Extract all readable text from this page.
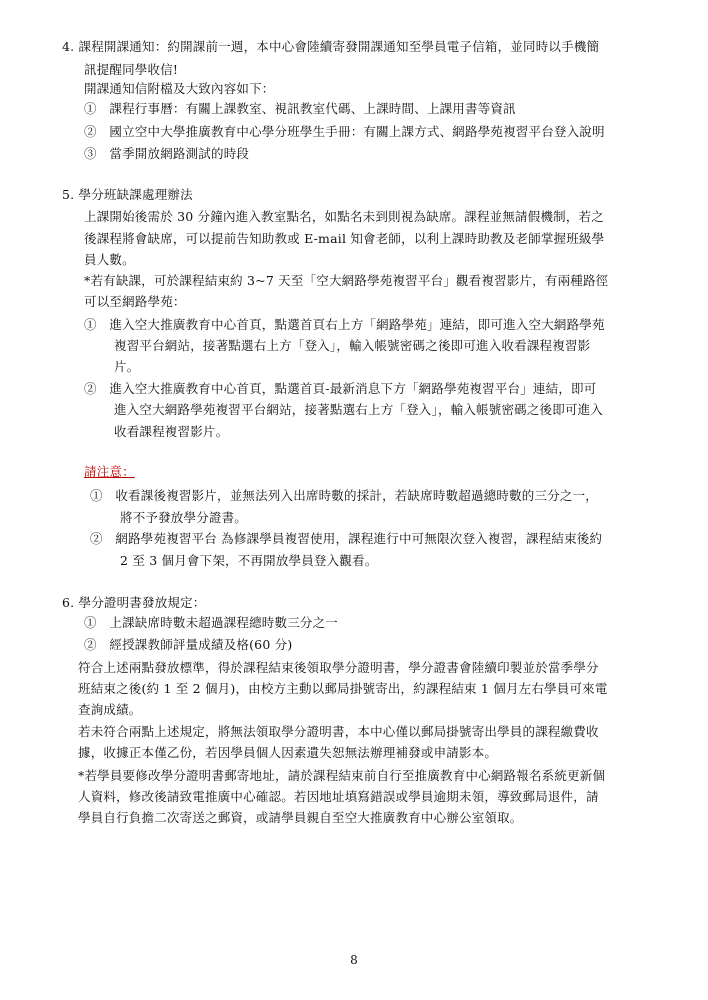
4. 課程開課通知：約開課前一週，本中心會陸續寄發開課通知至學員電子信箱，並同時以手機簡
訊提醒同學收信!
開課通知信附檔及大致內容如下：
①　課程行事曆：有關上課教室、視訊教室代碼、上課時間、上課用書等資訊
②　國立空中大學推廣教育中心學分班學生手冊：有關上課方式、網路學苑複習平台登入說明
③　當季開放網路測試的時段
5. 學分班缺課處理辦法
上課開始後需於 30 分鐘內進入教室點名，如點名未到則視為缺席。課程並無請假機制，若之
後課程將會缺席，可以提前告知助教或 E-mail 知會老師，以利上課時助教及老師掌握班級學
員人數。
*若有缺課，可於課程結束約 3~7 天至「空大網路學苑複習平台」觀看複習影片，有兩種路徑
可以至網路學苑：
①　進入空大推廣教育中心首頁，點選首頁右上方「網路學苑」連結，即可進入空大網路學苑
複習平台網站，接著點選右上方「登入」，輸入帳號密碼之後即可進入收看課程複習影
片。
②　進入空大推廣教育中心首頁，點選首頁-最新消息下方「網路學苑複習平台」連結，即可
進入空大網路學苑複習平台網站，接著點選右上方「登入」，輸入帳號密碼之後即可進入
收看課程複習影片。
請注意：
①　收看課後複習影片，並無法列入出席時數的採計，若缺席時數超過總時數的三分之一，
將不予發放學分證書。
②　網路學苑複習平台 為修課學員複習使用，課程進行中可無限次登入複習，課程結束後約
2 至 3 個月會下架，不再開放學員登入觀看。
6. 學分證明書發放規定：
①　上課缺席時數未超過課程總時數三分之一
②　經授課教師評量成績及格(60 分)
符合上述兩點發放標準，得於課程結束後領取學分證明書，學分證書會陸續印製並於當季學分
班結束之後(約 1 至 2 個月)，由校方主動以郵局掛號寄出，約課程結束 1 個月左右學員可來電
查詢成績。
若未符合兩點上述規定，將無法領取學分證明書，本中心僅以郵局掛號寄出學員的課程繳費收
據，收據正本僅乙份，若因學員個人因素遺失恕無法辦理補發或申請影本。
*若學員要修改學分證明書郵寄地址，請於課程結束前自行至推廣教育中心網路報名系統更新個
人資料，修改後請致電推廣中心確認。若因地址填寫錯誤或學員逾期未領，導致郵局退件，請
學員自行負擔二次寄送之郵資，或請學員親自至空大推廣教育中心辦公室領取。
8
